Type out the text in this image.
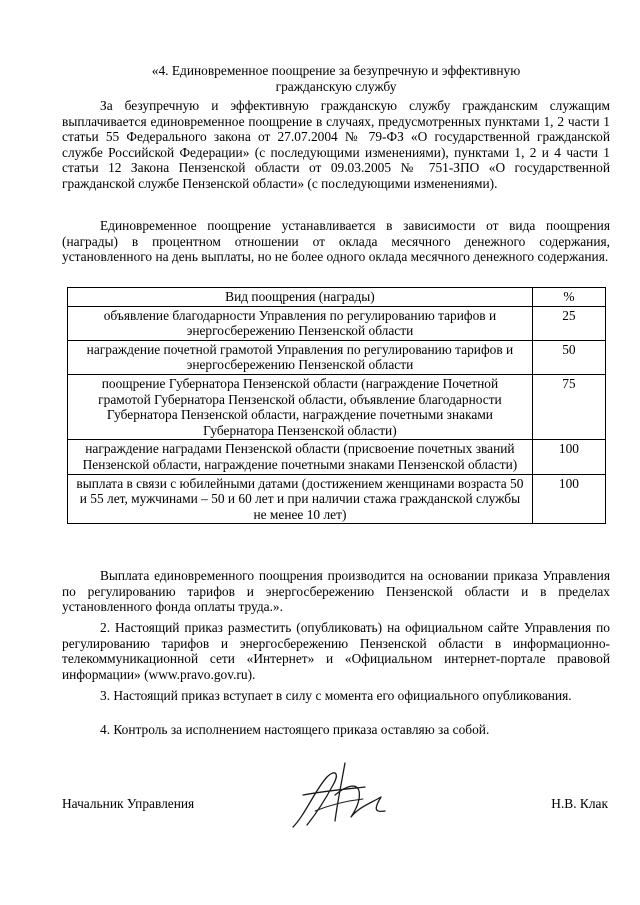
«4. Единовременное поощрение за безупречную и эффективную
гражданскую службу
За безупречную и эффективную гражданскую службу гражданским служащим выплачивается единовременное поощрение в случаях, предусмотренных пунктами 1, 2 части 1 статьи 55 Федерального закона от 27.07.2004 № 79-ФЗ «О государственной гражданской службе Российской Федерации» (с последующими изменениями), пунктами 1, 2 и 4 части 1 статьи 12 Закона Пензенской области от 09.03.2005 № 751-ЗПО «О государственной гражданской службе Пензенской области» (с последующими изменениями).
Единовременное поощрение устанавливается в зависимости от вида поощрения (награды) в процентном отношении от оклада месячного денежного содержания, установленного на день выплаты, но не более одного оклада месячного денежного содержания.
Вид поощрения (награды)	%
объявление благодарности Управления по регулированию тарифов и энергосбережению Пензенской области	25
награждение почетной грамотой Управления по регулированию тарифов и энергосбережению Пензенской области	50
поощрение Губернатора Пензенской области (награждение Почетной грамотой Губернатора Пензенской области, объявление благодарности Губернатора Пензенской области, награждение почетными знаками Губернатора Пензенской области)	75
награждение наградами Пензенской области (присвоение почетных званий Пензенской области, награждение почетными знаками Пензенской области)	100
выплата в связи с юбилейными датами (достижением женщинами возраста 50 и 55 лет, мужчинами – 50 и 60 лет и при наличии стажа гражданской службы не менее 10 лет)	100
Выплата единовременного поощрения производится на основании приказа Управления по регулированию тарифов и энергосбережению Пензенской области и в пределах установленного фонда оплаты труда.».
2. Настоящий приказ разместить (опубликовать) на официальном сайте Управления по регулированию тарифов и энергосбережению Пензенской области в информационно-телекоммуникационной сети «Интернет» и «Официальном интернет-портале правовой информации» (www.pravo.gov.ru).
3. Настоящий приказ вступает в силу с момента его официального опубликования.
4. Контроль за исполнением настоящего приказа оставляю за собой.
Начальник Управления	Н.В. Клак
